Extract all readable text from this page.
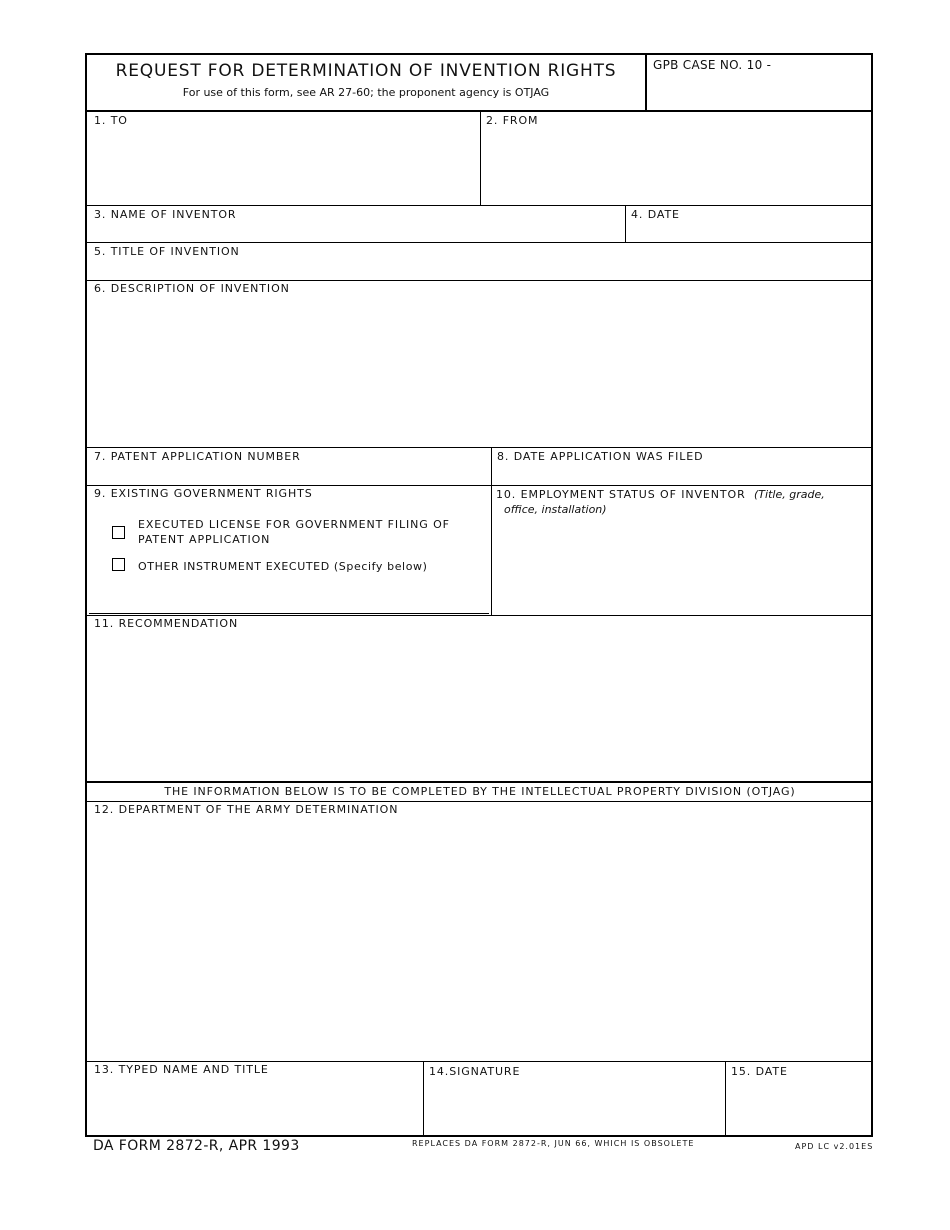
REQUEST FOR DETERMINATION OF INVENTION RIGHTS
For use of this form, see AR 27-60; the proponent agency is OTJAG
GPB CASE NO. 10 -
1. TO	2. FROM
3. NAME OF INVENTOR	4. DATE
5. TITLE OF INVENTION
6. DESCRIPTION OF INVENTION
7. PATENT APPLICATION NUMBER	8. DATE APPLICATION WAS FILED
9. EXISTING GOVERNMENT RIGHTS
EXECUTED LICENSE FOR GOVERNMENT FILING OF
PATENT APPLICATION
OTHER INSTRUMENT EXECUTED (Specify below)
10. EMPLOYMENT STATUS OF INVENTOR (Title, grade,
office, installation)
11. RECOMMENDATION
THE INFORMATION BELOW IS TO BE COMPLETED BY THE INTELLECTUAL PROPERTY DIVISION (OTJAG)
12. DEPARTMENT OF THE ARMY DETERMINATION
13. TYPED NAME AND TITLE	14.SIGNATURE	15. DATE
DA FORM 2872-R, APR 1993	REPLACES DA FORM 2872-R, JUN 66, WHICH IS OBSOLETE	APD LC v2.01ES
